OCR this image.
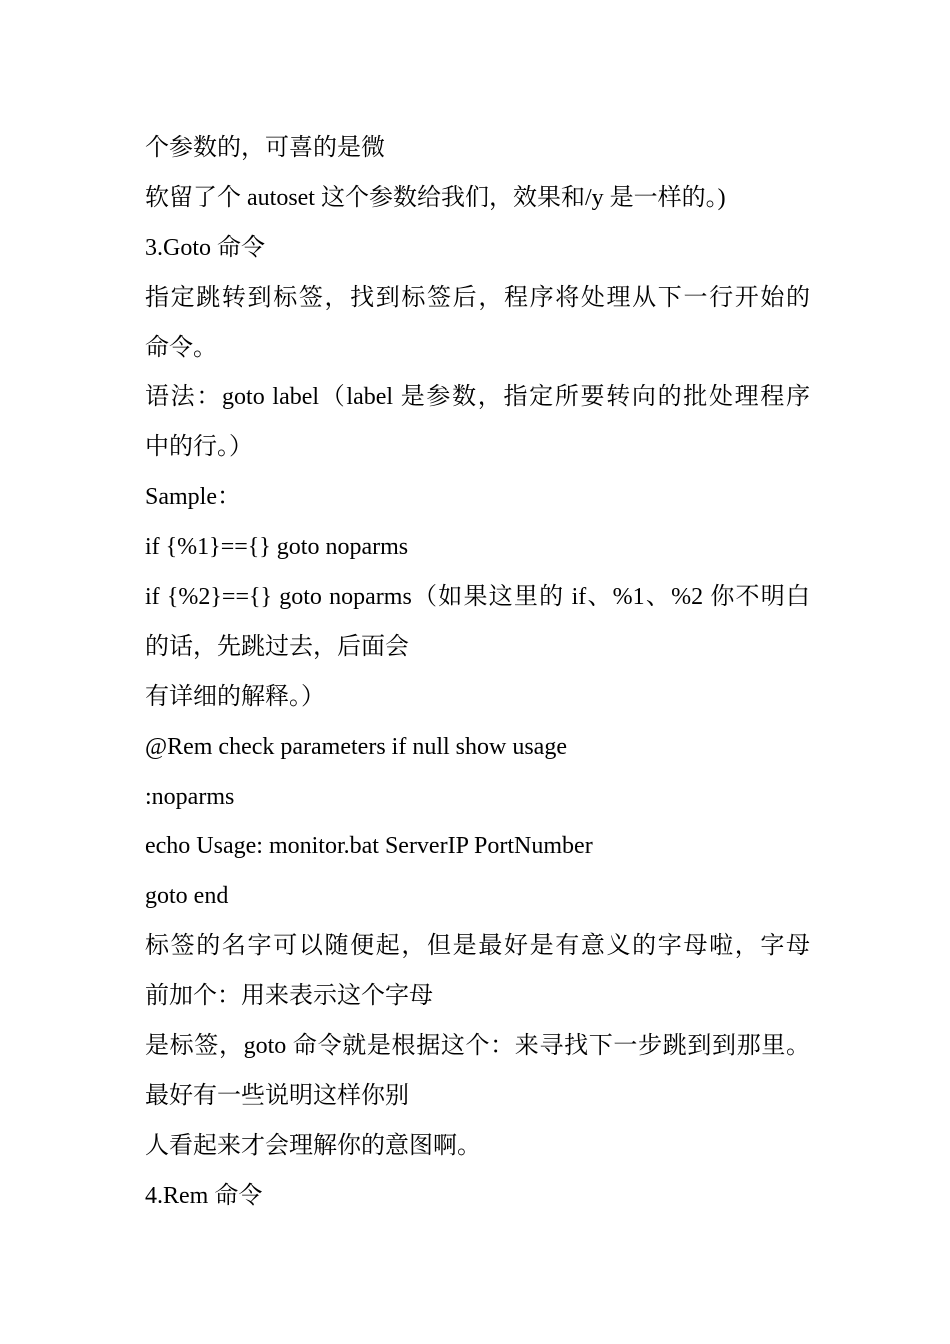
个参数的，可喜的是微
软留了个 autoset 这个参数给我们，效果和/y 是一样的。)
3.Goto 命令
指定跳转到标签，找到标签后，程序将处理从下一行开始的
命令。
语法：goto label（label 是参数，指定所要转向的批处理程序
中的行。）
Sample：
if {%1}=={} goto noparms
if {%2}=={} goto noparms（如果这里的 if、%1、%2 你不明白
的话，先跳过去，后面会
有详细的解释。）
@Rem check parameters if null show usage
:noparms
echo Usage: monitor.bat ServerIP PortNumber
goto end
标签的名字可以随便起，但是最好是有意义的字母啦，字母
前加个：用来表示这个字母
是标签，goto 命令就是根据这个：来寻找下一步跳到到那里。
最好有一些说明这样你别
人看起来才会理解你的意图啊。
4.Rem 命令
